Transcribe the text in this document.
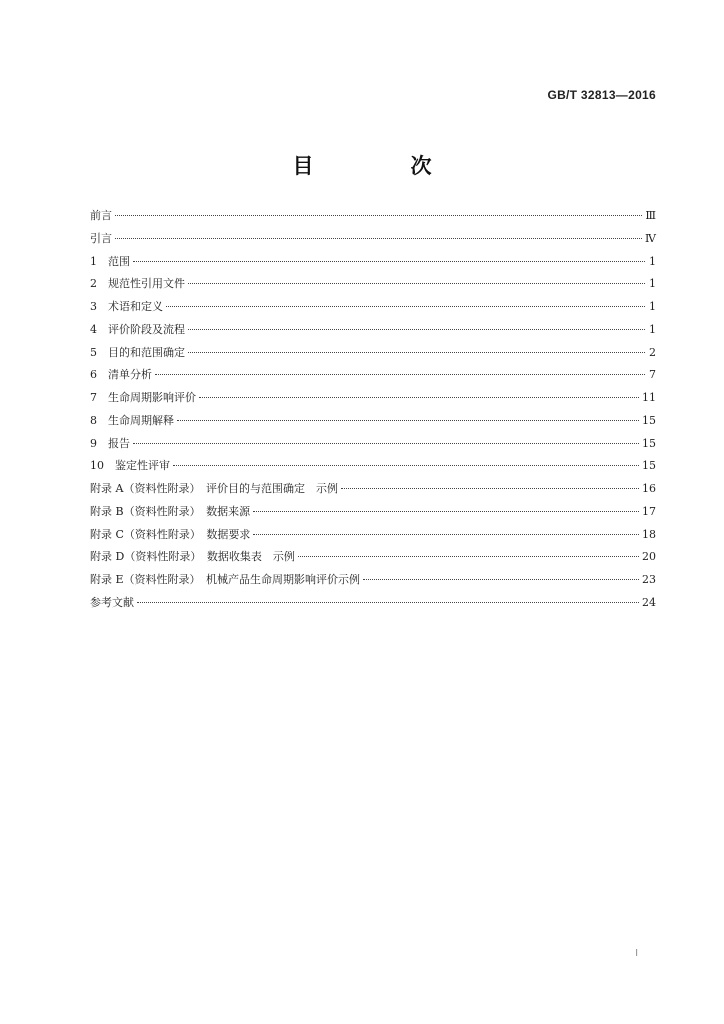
GB/T 32813—2016
目　次
前言	Ⅲ
引言	Ⅳ
1　范围	1
2　规范性引用文件	1
3　术语和定义	1
4　评价阶段及流程	1
5　目的和范围确定	2
6　清单分析	7
7　生命周期影响评价	11
8　生命周期解释	15
9　报告	15
10　鉴定性评审	15
附录 A（资料性附录）　评价目的与范围确定　示例	16
附录 B（资料性附录）　数据来源	17
附录 C（资料性附录）　数据要求	18
附录 D（资料性附录）　数据收集表　示例	20
附录 E（资料性附录）　机械产品生命周期影响评价示例	23
参考文献	24
I
